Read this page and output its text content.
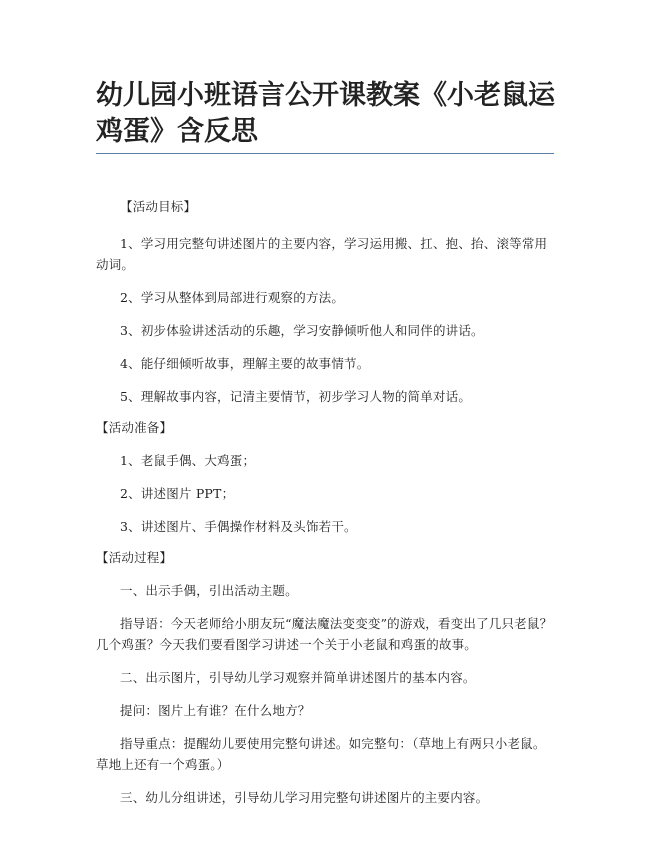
幼儿园小班语言公开课教案《小老鼠运鸡蛋》含反思

【活动目标】

1、学习用完整句讲述图片的主要内容，学习运用搬、扛、抱、抬、滚等常用动词。

2、学习从整体到局部进行观察的方法。

3、初步体验讲述活动的乐趣，学习安静倾听他人和同伴的讲话。

4、能仔细倾听故事，理解主要的故事情节。

5、理解故事内容，记清主要情节，初步学习人物的简单对话。

【活动准备】

1、老鼠手偶、大鸡蛋；

2、讲述图片 PPT；

3、讲述图片、手偶操作材料及头饰若干。

【活动过程】

一、出示手偶，引出活动主题。

指导语：今天老师给小朋友玩“魔法魔法变变变”的游戏，看变出了几只老鼠？几个鸡蛋？今天我们要看图学习讲述一个关于小老鼠和鸡蛋的故事。

二、出示图片，引导幼儿学习观察并简单讲述图片的基本内容。

提问：图片上有谁？在什么地方？

指导重点：提醒幼儿要使用完整句讲述。如完整句：（草地上有两只小老鼠。草地上还有一个鸡蛋。）

三、幼儿分组讲述，引导幼儿学习用完整句讲述图片的主要内容。
